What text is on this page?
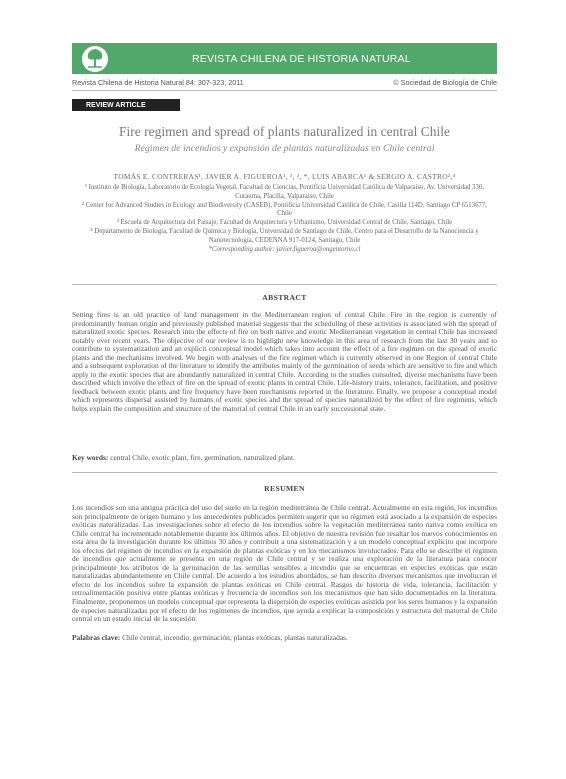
REVISTA CHILENA DE HISTORIA NATURAL
Revista Chilena de Historia Natural 84: 307-323, 2011	© Sociedad de Biología de Chile
REVIEW ARTICLE
Fire regimen and spread of plants naturalized in central Chile
Régimen de incendios y expansión de plantas naturalizadas en Chile central
TOMÁS E. CONTRERAS¹, JAVIER A. FIGUEROA¹, ², ³, *, LUIS ABARCA¹ & SERGIO A. CASTRO²,⁴

¹ Instituto de Biología, Laboratorio de Ecología Vegetal, Facultad de Ciencias, Pontificia Universidad Católica de Valparaíso, Av. Universidad 330, Curauma, Placilla, Valparaíso, Chile

² Center for Advanced Studies in Ecology and Biodiversity (CASEB), Pontificia Universidad Católica de Chile, Casilla 114D, Santiago CP 6513677, Chile

³ Escuela de Arquitectura del Paisaje, Facultad de Arquitectura y Urbanismo, Universidad Central de Chile, Santiago, Chile

⁴ Departamento de Biología, Facultad de Química y Biología, Universidad de Santiago de Chile, Centro para el Desarrollo de la Nanociencia y Nanotecnología, CEDENNA 917-0124, Santiago, Chile

*Corresponding author: javier.figueroa@ongentorno.cl

ABSTRACT
Setting fires is an old practice of land management in the Mediterranean region of central Chile. Fire in the region is currently of predominantly human origin and previously published material suggests that the scheduling of these activities is associated with the spread of naturalized exotic species. Research into the effects of fire on both native and exotic Mediterranean vegetation in central Chile has increased notably over recent years. The objective of our review is to highlight new knowledge in this area of research from the last 30 years and to contribute to systematization and an explicit conceptual model which takes into account the effect of a fire regimen on the spread of exotic plants and the mechanisms involved. We begin with analyses of the fire regimen which is currently observed in one Region of central Chile and a subsequent exploration of the literature to identify the attributes mainly of the germination of seeds which are sensitive to fire and which apply to the exotic species that are abundantly naturalized in central Chile. According to the studies consulted, diverse mechanisms have been described which involve the effect of fire on the spread of exotic plants in central Chile. Life-history traits, tolerance, facilitation, and positive feedback between exotic plants and fire frequency have been mechanisms reported in the literature. Finally, we propose a conceptual model which represents dispersal assisted by humans of exotic species and the spread of species naturalized by the effect of fire regimens, which helps explain the composition and structure of the matorral of central Chile in an early successional state.
Key words: central Chile, exotic plant, fire, germination, naturalized plant.
RESUMEN
Los incendios son una antigua práctica del uso del suelo en la región mediterránea de Chile central. Actualmente en esta región, los incendios son principalmente de origen humano y los antecedentes publicados permiten sugerir que su régimen está asociado a la expansión de especies exóticas naturalizadas. Las investigaciones sobre el efecto de los incendios sobre la vegetación mediterránea tanto nativa como exótica en Chile central ha incrementado notablemente durante los últimos años. El objetivo de nuestra revisión fue resaltar los nuevos conocimientos en esta área de la investigación durante los últimos 30 años y contribuir a una sistematización y a un modelo conceptual explícito que incorpore los efectos del régimen de incendios en la expansión de plantas exóticas y en los mecanismos involucrados. Para ello se describe el régimen de incendios que actualmente se presenta en una región de Chile central y se realiza una exploración de la literatura para conocer principalmente los atributos de la germinación de las semillas sensibles a incendio que se encuentran en especies exóticas que están naturalizadas abundantemente en Chile central. De acuerdo a los estudios abordados, se han descrito diversos mecanismos que involucran el efecto de los incendios sobre la expansión de plantas exóticas en Chile central. Rasgos de historia de vida, tolerancia, facilitación y retroalimentación positiva entre plantas exóticas y frecuencia de incendios son los mecanismos que han sido documentados en la literatura. Finalmente, proponemos un modelo conceptual que representa la dispersión de especies exóticas asistida por los seres humanos y la expansión de especies naturalizadas por el efecto de los regímenes de incendios, que ayuda a explicar la composición y estructura del matorral de Chile central en un estado inicial de la sucesión.
Palabras clave: Chile central, incendio, germinación, plantas exóticas, plantas naturalizadas.
